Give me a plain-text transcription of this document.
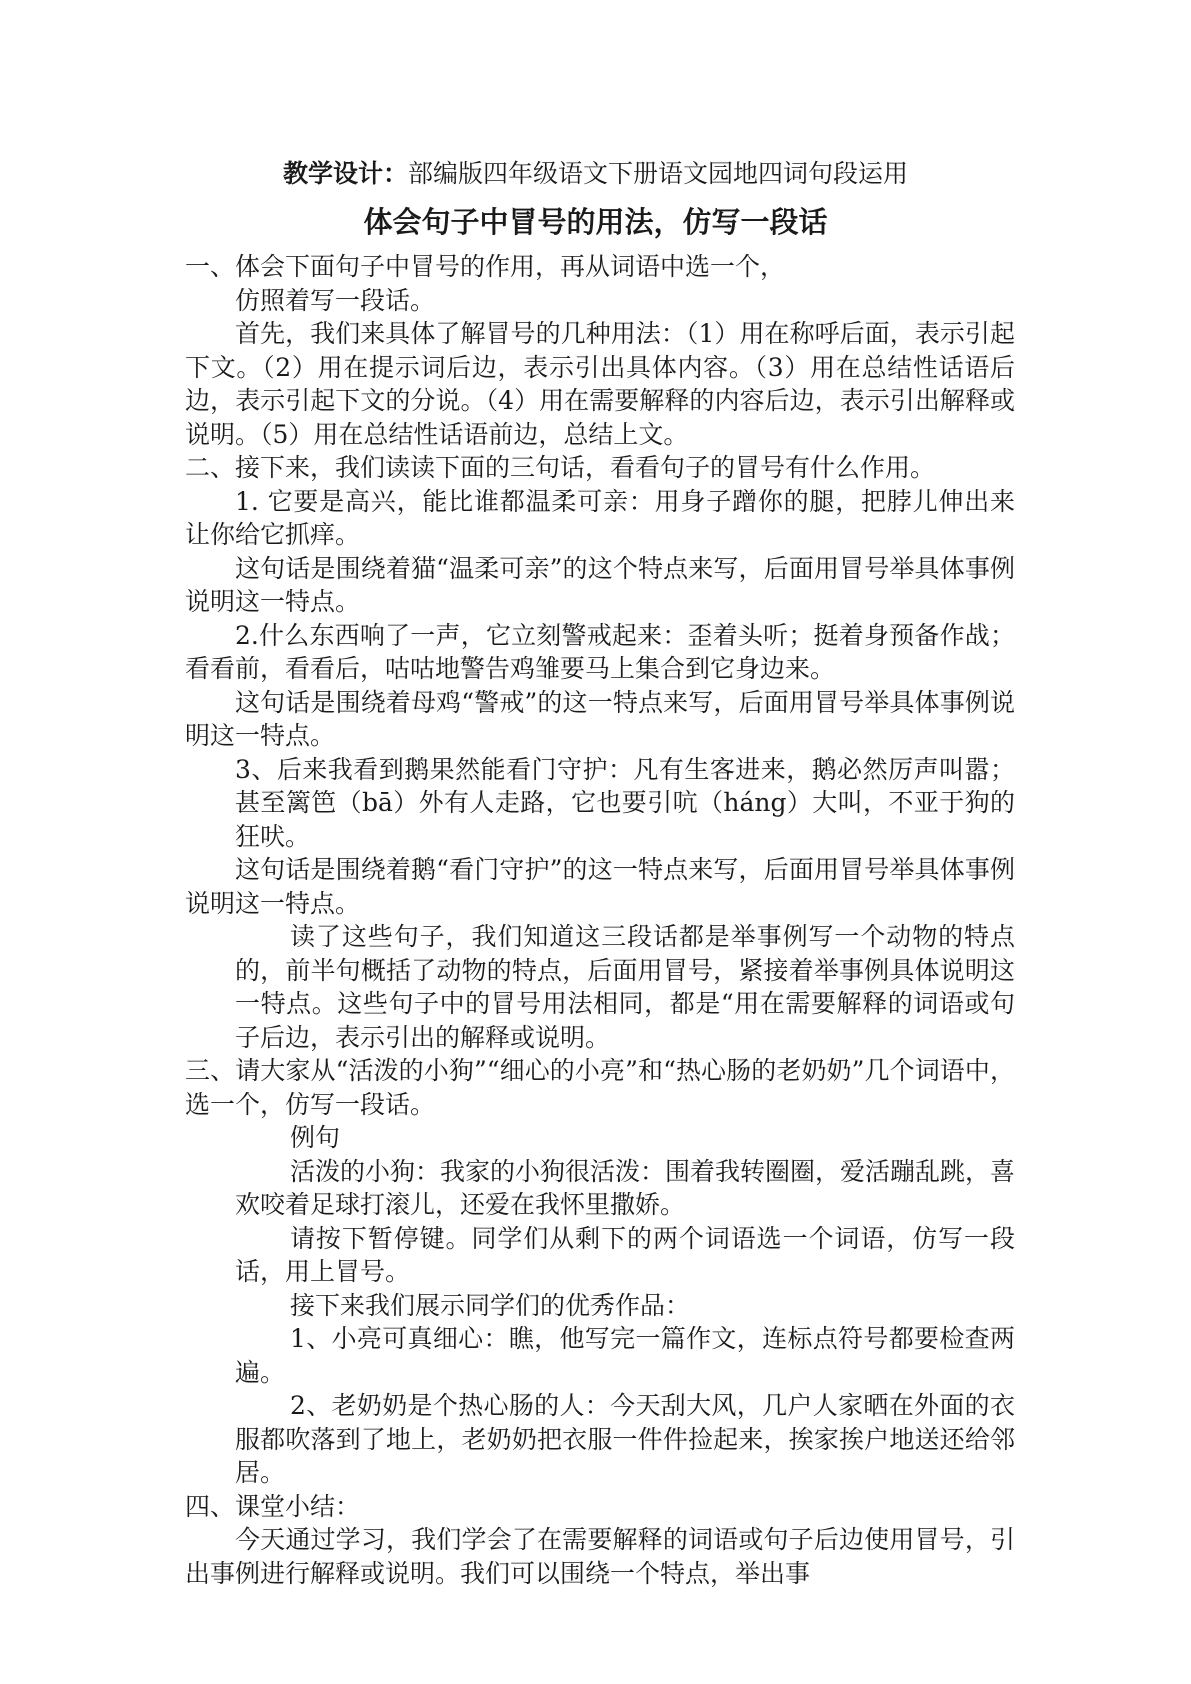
教学设计：部编版四年级语文下册语文园地四词句段运用
体会句子中冒号的用法，仿写一段话

一、体会下面句子中冒号的作用，再从词语中选一个，

仿照着写一段话。

首先，我们来具体了解冒号的几种用法：（1）用在称呼后面，表示引起下文。（2）用在提示词后边，表示引出具体内容。（3）用在总结性话语后边，表示引起下文的分说。（4）用在需要解释的内容后边，表示引出解释或说明。（5）用在总结性话语前边，总结上文。

二、接下来，我们读读下面的三句话，看看句子的冒号有什么作用。

1. 它要是高兴，能比谁都温柔可亲：用身子蹭你的腿，把脖儿伸出来让你给它抓痒。

这句话是围绕着猫“温柔可亲”的这个特点来写，后面用冒号举具体事例说明这一特点。

2.什么东西响了一声，它立刻警戒起来：歪着头听；挺着身预备作战；看看前，看看后，咕咕地警告鸡雏要马上集合到它身边来。

这句话是围绕着母鸡“警戒”的这一特点来写，后面用冒号举具体事例说明这一特点。

3、后来我看到鹅果然能看门守护：凡有生客进来，鹅必然厉声叫嚣；甚至篱笆（bā）外有人走路，它也要引吭（háng）大叫，不亚于狗的狂吠。

这句话是围绕着鹅“看门守护”的这一特点来写，后面用冒号举具体事例说明这一特点。

读了这些句子，我们知道这三段话都是举事例写一个动物的特点的，前半句概括了动物的特点，后面用冒号，紧接着举事例具体说明这一特点。这些句子中的冒号用法相同，都是“用在需要解释的词语或句子后边，表示引出的解释或说明。

三、请大家从“活泼的小狗”“细心的小亮”和“热心肠的老奶奶”几个词语中，选一个，仿写一段话。

例句

活泼的小狗：我家的小狗很活泼：围着我转圈圈，爱活蹦乱跳，喜欢咬着足球打滚儿，还爱在我怀里撒娇。

请按下暂停键。同学们从剩下的两个词语选一个词语，仿写一段话，用上冒号。

接下来我们展示同学们的优秀作品：

1、小亮可真细心：瞧，他写完一篇作文，连标点符号都要检查两遍。

2、老奶奶是个热心肠的人：今天刮大风，几户人家晒在外面的衣服都吹落到了地上，老奶奶把衣服一件件捡起来，挨家挨户地送还给邻居。

四、课堂小结：

今天通过学习，我们学会了在需要解释的词语或句子后边使用冒号，引出事例进行解释或说明。我们可以围绕一个特点，举出事
